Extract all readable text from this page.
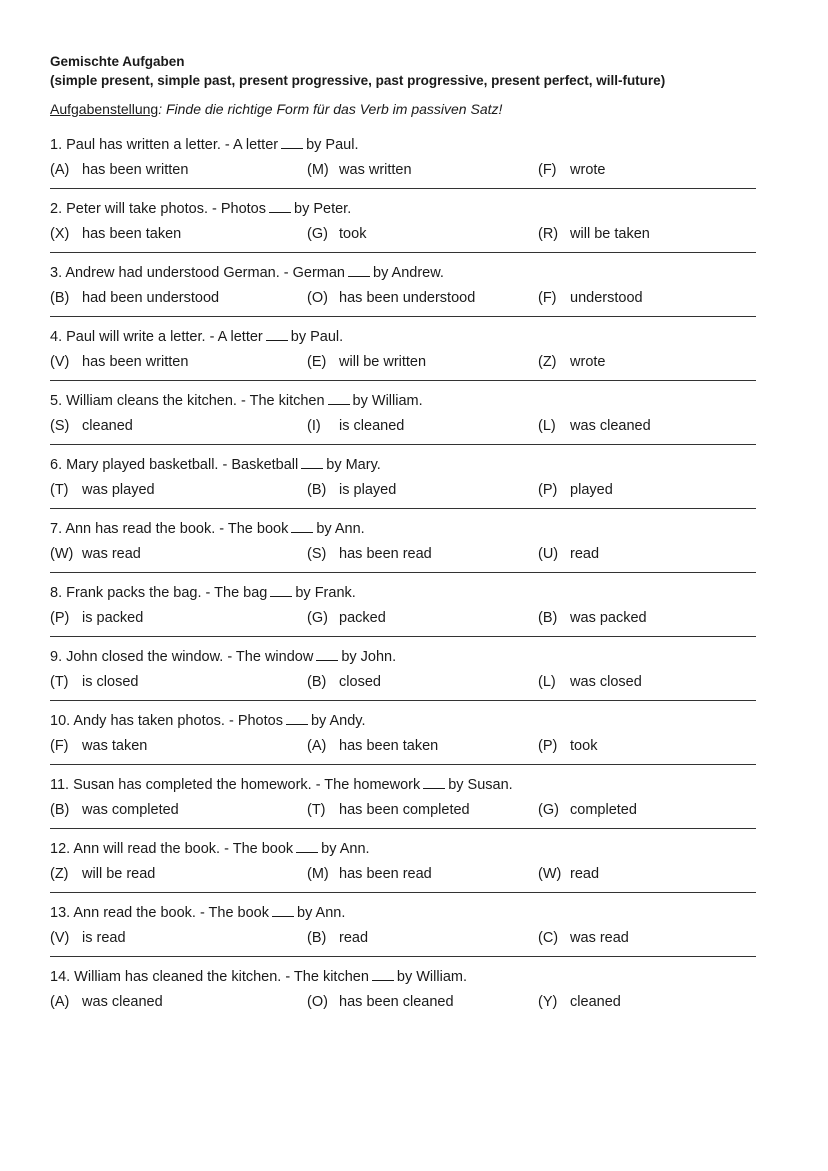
Gemischte Aufgaben

(simple present, simple past, present progressive, past progressive, present perfect, will-future)

Aufgabenstellung: Finde die richtige Form für das Verb im passiven Satz!
1. Paul has written a letter. - A letter by Paul.
(A) has been written	(M) was written	(F) wrote
2. Peter will take photos. - Photos by Peter.
(X) has been taken	(G) took	(R) will be taken
3. Andrew had understood German. - German by Andrew.
(B) had been understood	(O) has been understood	(F) understood
4. Paul will write a letter. - A letter by Paul.
(V) has been written	(E) will be written	(Z) wrote
5. William cleans the kitchen. - The kitchen by William.
(S) cleaned	(I) is cleaned	(L) was cleaned
6. Mary played basketball. - Basketball by Mary.
(T) was played	(B) is played	(P) played
7. Ann has read the book. - The book by Ann.
(W) was read	(S) has been read	(U) read
8. Frank packs the bag. - The bag by Frank.
(P) is packed	(G) packed	(B) was packed
9. John closed the window. - The window by John.
(T) is closed	(B) closed	(L) was closed
10. Andy has taken photos. - Photos by Andy.
(F) was taken	(A) has been taken	(P) took
11. Susan has completed the homework. - The homework by Susan.
(B) was completed	(T) has been completed	(G) completed
12. Ann will read the book. - The book by Ann.
(Z) will be read	(M) has been read	(W) read
13. Ann read the book. - The book by Ann.
(V) is read	(B) read	(C) was read
14. William has cleaned the kitchen. - The kitchen by William.
(A) was cleaned	(O) has been cleaned	(Y) cleaned
